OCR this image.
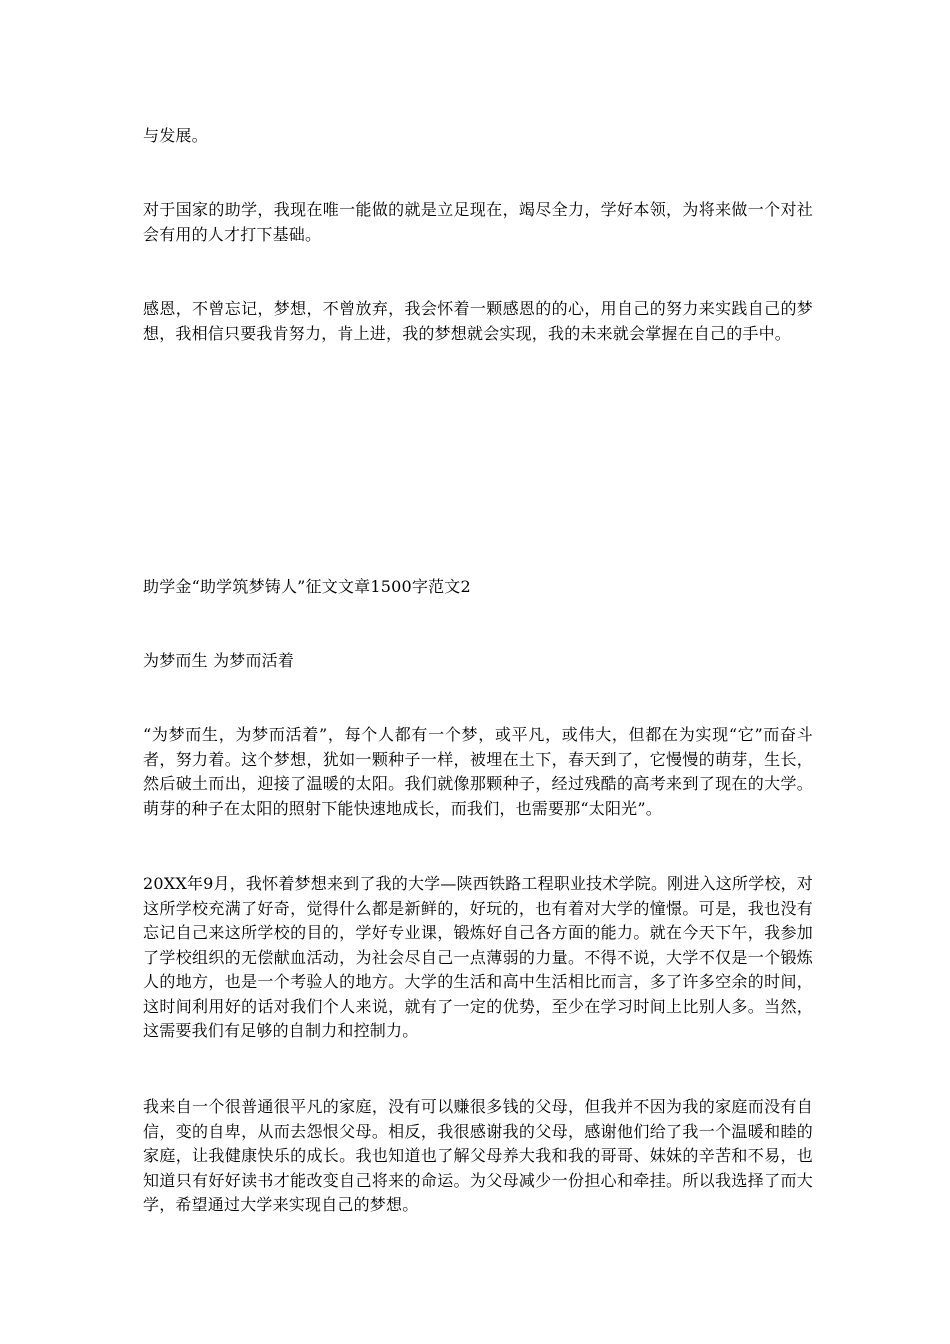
与发展。

对于国家的助学，我现在唯一能做的就是立足现在，竭尽全力，学好本领，为将来做一个对社会有用的人才打下基础。

感恩，不曾忘记，梦想，不曾放弃，我会怀着一颗感恩的的心，用自己的努力来实践自己的梦想，我相信只要我肯努力，肯上进，我的梦想就会实现，我的未来就会掌握在自己的手中。

助学金“助学筑梦铸人”征文文章1500字范文2

为梦而生 为梦而活着

“为梦而生，为梦而活着”，每个人都有一个梦，或平凡，或伟大，但都在为实现“它”而奋斗者，努力着。这个梦想，犹如一颗种子一样，被埋在土下，春天到了，它慢慢的萌芽，生长，然后破土而出，迎接了温暖的太阳。我们就像那颗种子，经过残酷的高考来到了现在的大学。萌芽的种子在太阳的照射下能快速地成长，而我们，也需要那“太阳光”。

20XX年9月，我怀着梦想来到了我的大学—陕西铁路工程职业技术学院。刚进入这所学校，对这所学校充满了好奇，觉得什么都是新鲜的，好玩的，也有着对大学的憧憬。可是，我也没有忘记自己来这所学校的目的，学好专业课，锻炼好自己各方面的能力。就在今天下午，我参加了学校组织的无偿献血活动，为社会尽自己一点薄弱的力量。不得不说，大学不仅是一个锻炼人的地方，也是一个考验人的地方。大学的生活和高中生活相比而言，多了许多空余的时间，这时间利用好的话对我们个人来说，就有了一定的优势，至少在学习时间上比别人多。当然，这需要我们有足够的自制力和控制力。

我来自一个很普通很平凡的家庭，没有可以赚很多钱的父母，但我并不因为我的家庭而没有自信，变的自卑，从而去怨恨父母。相反，我很感谢我的父母，感谢他们给了我一个温暖和睦的家庭，让我健康快乐的成长。我也知道也了解父母养大我和我的哥哥、妹妹的辛苦和不易，也知道只有好好读书才能改变自己将来的命运。为父母减少一份担心和牵挂。所以我选择了而大学，希望通过大学来实现自己的梦想。
